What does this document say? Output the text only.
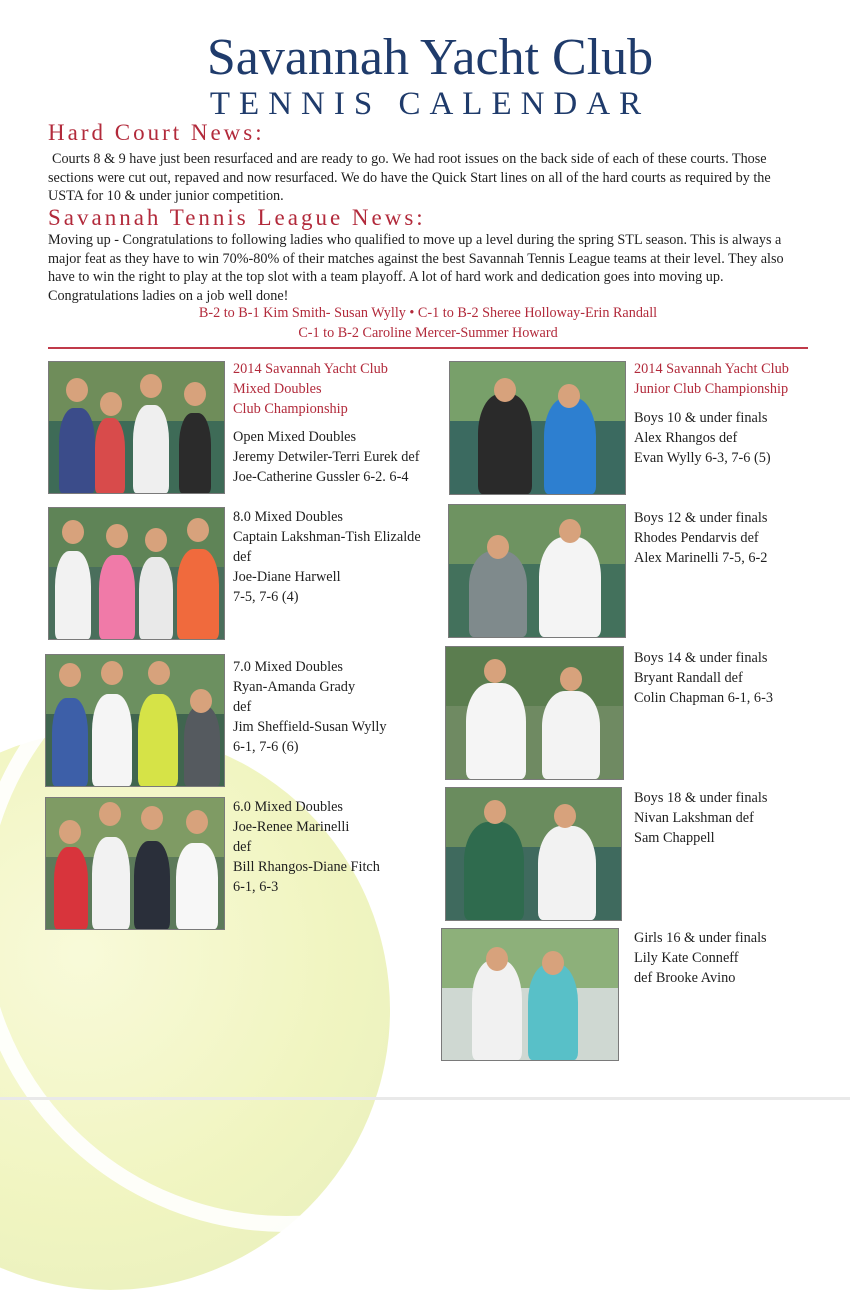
Savannah Yacht Club
TENNIS CALENDAR
Hard Court News:
Courts 8 & 9 have just been resurfaced and are ready to go. We had root issues on the back side of each of these courts. Those sections were cut out, repaved and now resurfaced. We do have the Quick Start lines on all of the hard courts as required by the USTA for 10 & under junior competition.
Savannah Tennis League News:
Moving up - Congratulations to following ladies who qualified to move up a level during the spring STL season. This is always a major feat as they have to win 70%-80% of their matches against the best Savannah Tennis League teams at their level. They also have to win the right to play at the top slot with a team playoff. A lot of hard work and dedication goes into moving up. Congratulations ladies on a job well done!
B-2 to B-1 Kim Smith- Susan Wylly • C-1 to B-2 Sheree Holloway-Erin Randall
C-1 to B-2 Caroline Mercer-Summer Howard
2014 Savannah Yacht Club
Mixed Doubles
Club Championship
Open Mixed Doubles
Jeremy Detwiler-Terri Eurek def
Joe-Catherine Gussler 6-2. 6-4
8.0 Mixed Doubles
Captain Lakshman-Tish Elizalde
def
Joe-Diane Harwell
7-5, 7-6 (4)
7.0 Mixed Doubles
Ryan-Amanda Grady
def
Jim Sheffield-Susan Wylly
6-1, 7-6 (6)
6.0 Mixed Doubles
Joe-Renee Marinelli
def
Bill Rhangos-Diane Fitch
6-1, 6-3
2014 Savannah Yacht Club
Junior Club Championship
Boys 10 & under finals
Alex Rhangos def
Evan Wylly 6-3, 7-6 (5)
Boys 12 & under finals
Rhodes Pendarvis def
Alex Marinelli 7-5, 6-2
Boys 14 & under finals
Bryant Randall def
Colin Chapman 6-1, 6-3
Boys 18 & under finals
Nivan Lakshman def
Sam Chappell
Girls 16 & under finals
Lily Kate Conneff
def Brooke Avino
